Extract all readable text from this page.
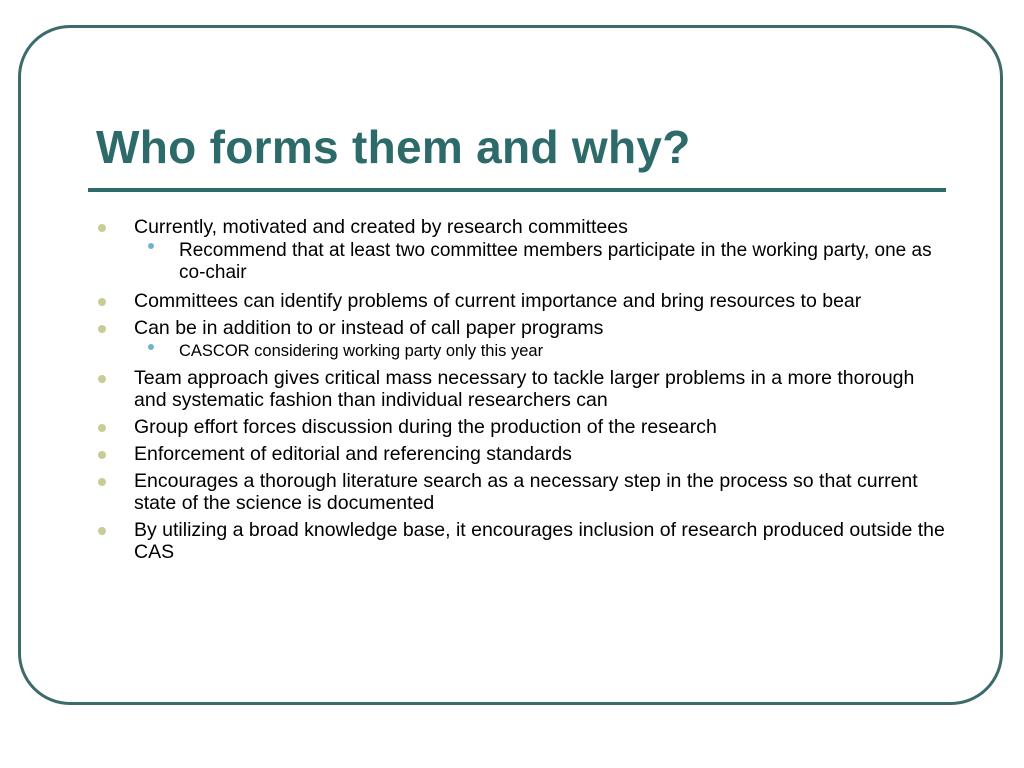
Who forms them and why?
Currently, motivated and created by research committees
Recommend that at least two committee members participate in the working party, one as co-chair
Committees can identify problems of current importance and bring resources to bear
Can be in addition to or instead of call paper programs
CASCOR considering working party only this year
Team approach gives critical mass necessary to tackle larger problems in a more thorough and systematic fashion than individual researchers can
Group effort forces discussion during the production of the research
Enforcement of editorial and referencing standards
Encourages a thorough literature search as a necessary step in the process so that current state of the science is documented
By utilizing a broad knowledge base, it encourages inclusion of research produced outside the CAS
